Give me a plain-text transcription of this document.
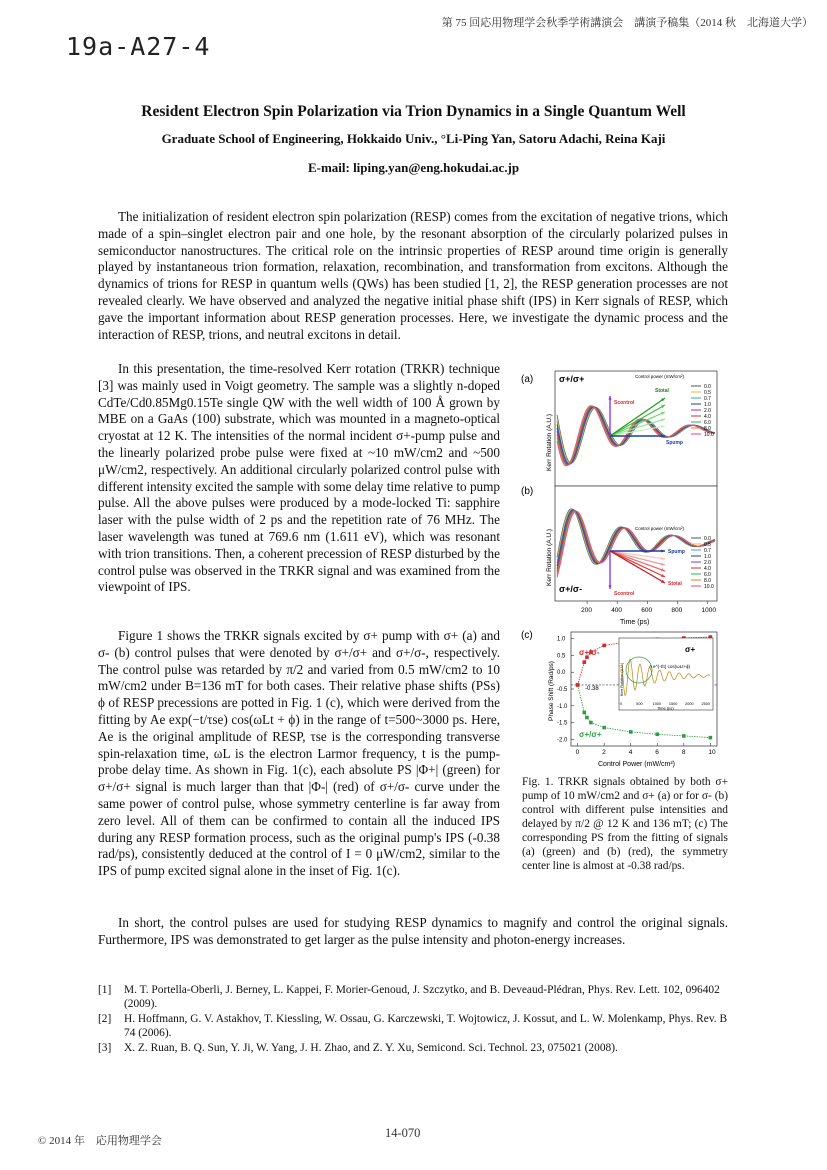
第 75 回応用物理学会秋季学術講演会　講演予稿集（2014 秋　北海道大学）
19a-A27-4
Resident Electron Spin Polarization via Trion Dynamics in a Single Quantum Well
Graduate School of Engineering, Hokkaido Univ., °Li-Ping Yan, Satoru Adachi, Reina Kaji
E-mail: liping.yan@eng.hokudai.ac.jp
The initialization of resident electron spin polarization (RESP) comes from the excitation of negative trions, which made of a spin–singlet electron pair and one hole, by the resonant absorption of the circularly polarized pulses in semiconductor nanostructures. The critical role on the intrinsic properties of RESP around time origin is generally played by instantaneous trion formation, relaxation, recombination, and transformation from excitons. Although the dynamics of trions for RESP in quantum wells (QWs) has been studied [1, 2], the RESP generation processes are not revealed clearly. We have observed and analyzed the negative initial phase shift (IPS) in Kerr signals of RESP, which gave the important information about RESP generation processes. Here, we investigate the dynamic process and the interaction of RESP, trions, and neutral excitons in detail.
In this presentation, the time-resolved Kerr rotation (TRKR) technique [3] was mainly used in Voigt geometry. The sample was a slightly n-doped CdTe/Cd0.85Mg0.15Te single QW with the well width of 100 Å grown by MBE on a GaAs (100) substrate, which was mounted in a magneto-optical cryostat at 12 K. The intensities of the normal incident σ+-pump pulse and the linearly polarized probe pulse were fixed at ~10 mW/cm2 and ~500 μW/cm2, respectively. An additional circularly polarized control pulse with different intensity excited the sample with some delay time relative to pump pulse. All the above pulses were produced by a mode-locked Ti: sapphire laser with the pulse width of 2 ps and the repetition rate of 76 MHz. The laser wavelength was tuned at 769.6 nm (1.611 eV), which was resonant with trion transitions. Then, a coherent precession of RESP disturbed by the control pulse was observed in the TRKR signal and was examined from the viewpoint of IPS.
Figure 1 shows the TRKR signals excited by σ+ pump with σ+ (a) and σ- (b) control pulses that were denoted by σ+/σ+ and σ+/σ-, respectively. The control pulse was retarded by π/2 and varied from 0.5 mW/cm2 to 10 mW/cm2 under B=136 mT for both cases. Their relative phase shifts (PSs) ϕ of RESP precessions are potted in Fig. 1 (c), which were derived from the fitting by Ae exp(−t/τse) cos(ωLt + ϕ) in the range of t=500~3000 ps. Here, Ae is the original amplitude of RESP, τse is the corresponding transverse spin-relaxation time, ωL is the electron Larmor frequency, t is the pump-probe delay time. As shown in Fig. 1(c), each absolute PS |Φ+| (green) for σ+/σ+ signal is much larger than that |Φ-| (red) of σ+/σ- curve under the same power of control pulse, whose symmetry centerline is far away from zero level. All of them can be confirmed to contain all the induced IPS during any RESP formation process, such as the original pump's IPS (-0.38 rad/ps), consistently deduced at the control of I = 0 μW/cm2, similar to the IPS of pump excited signal alone in the inset of Fig. 1(c).
In short, the control pulses are used for studying RESP dynamics to magnify and control the original signals. Furthermore, IPS was demonstrated to get larger as the pulse intensity and photon-energy increases.
(a)
(b)
(c)
σ+/σ+	Control power (mW/cm²)
0.0
0.5
0.7
1.0
2.0
4.0
6.0
8.0
10.0
Scontrol
Stotal
Spump
Kerr Rotation (A.U.)
σ+/σ-
Control power (mW/cm²)
0.0
0.5
0.7
1.0
2.0
4.0
6.0
8.0
10.0
Spump
Stotal
Scontrol
Kerr Rotation (A.U.)
200	400	600	800	1000
Time (ps)
1.0
0.5
0.0
-0.5
-1.0
-1.5
-2.0
0	2	4	6	8	10
Phase Shift (Rad/ps)
Control Power (mW/cm²)
σ+/σ-
σ+/σ+
-0.38
σ+
A e^(-t/τ) cos(ωLt+ϕ)
0	500	1000 1500 2000 2500
Time (ps)
Kerr Rotation (A.U.)
Fig. 1. TRKR signals obtained by both σ+ pump of 10 mW/cm2 and σ+ (a) or for σ- (b) control with different pulse intensities and delayed by π/2 @ 12 K and 136 mT; (c) The corresponding PS from the fitting of signals (a) (green) and (b) (red), the symmetry center line is almost at -0.38 rad/ps.
[1]	M. T. Portella-Oberli, J. Berney, L. Kappei, F. Morier-Genoud, J. Szczytko, and B. Deveaud-Plédran, Phys. Rev. Lett. 102, 096402 (2009).
[2]	H. Hoffmann, G. V. Astakhov, T. Kiessling, W. Ossau, G. Karczewski, T. Wojtowicz, J. Kossut, and L. W. Molenkamp, Phys. Rev. B 74 (2006).
[3]	X. Z. Ruan, B. Q. Sun, Y. Ji, W. Yang, J. H. Zhao, and Z. Y. Xu, Semicond. Sci. Technol. 23, 075021 (2008).
© 2014 年　応用物理学会
14-070
